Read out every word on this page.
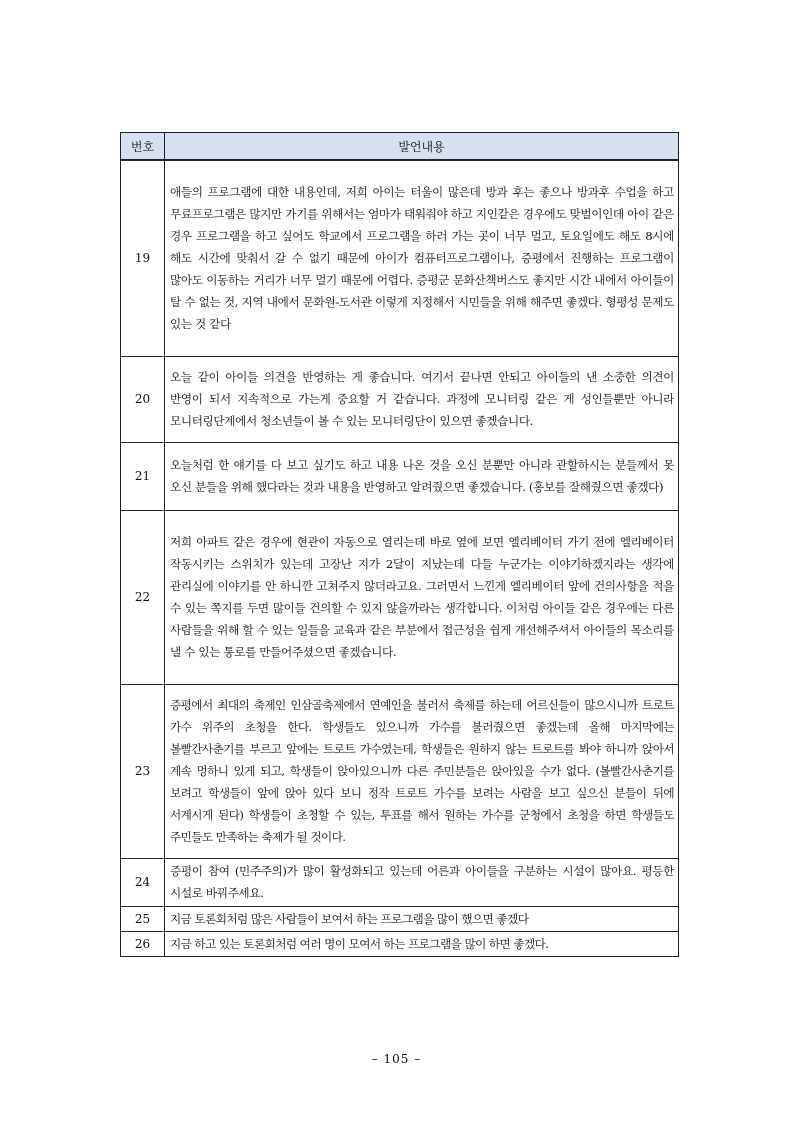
번호	발언내용
19	애들의 프로그램에 대한 내용인데, 저희 아이는 터울이 많은데 방과 후는 좋으나 방과후 수업을 하고 무료프로그램은 많지만 가기를 위해서는 엄마가 태워줘야 하고 지인같은 경우에도 맞벌이인데 아이 같은 경우 프로그램을 하고 싶어도 학교에서 프로그램을 하러 가는 곳이 너무 멀고, 토요일에도 해도 8시에 해도 시간에 맞춰서 갈 수 없기 때문에 아이가 컴퓨터프로그램이나, 증평에서 진행하는 프로그램이 많아도 이동하는 거리가 너무 멀기 때문에 어렵다. 증평군 문화산책버스도 좋지만 시간 내에서 아이들이 탈 수 없는 것, 지역 내에서 문화원-도서관 이렇게 지정해서 시민들을 위해 해주면 좋겠다. 형평성 문제도 있는 것 같다
20	오늘 같이 아이들 의견을 반영하는 게 좋습니다. 여기서 끝나면 안되고 아이들의 낸 소중한 의견이 반영이 되서 지속적으로 가는게 중요할 거 같습니다. 과정에 모니터링 같은 게 성인들뿐만 아니라 모니터링단계에서 청소년들이 볼 수 있는 모니터링단이 있으면 좋겠습니다.
21	오늘처럼 한 얘기를 다 보고 싶기도 하고 내용 나온 것을 오신 분뿐만 아니라 관할하시는 분들께서 못 오신 분들을 위해 했다라는 것과 내용을 반영하고 알려줬으면 좋겠습니다. (홍보를 잘해줬으면 좋겠다)
22	저희 아파트 같은 경우에 현관이 자동으로 열리는데 바로 옆에 보면 엘리베이터 가기 전에 엘리베이터 작동시키는 스위치가 있는데 고장난 지가 2달이 지났는데 다들 누군가는 이야기하겠지라는 생각에 관리실에 이야기를 안 하니깐 고쳐주지 않더라고요. 그러면서 느낀게 엘리베이터 앞에 건의사항을 적을 수 있는 쪽지를 두면 많이들 건의할 수 있지 않을까라는 생각합니다. 이처럼 아이들 같은 경우에는 다른 사람들을 위해 할 수 있는 일들을 교육과 같은 부분에서 접근성을 쉽게 개선해주셔서 아이들의 목소리를 낼 수 있는 통로를 만들어주셨으면 좋겠습니다.
23	증평에서 최대의 축제인 인삼골축제에서 연예인을 불러서 축제를 하는데 어르신들이 많으시니까 트로트 가수 위주의 초청을 한다. 학생들도 있으니까 가수를 불러줬으면 좋겠는데 올해 마지막에는 볼빨간사춘기를 부르고 앞에는 트로트 가수였는데, 학생들은 원하지 않는 트로트를 봐야 하니까 앉아서 계속 멍하니 있게 되고, 학생들이 앉아있으니까 다른 주민분들은 앉아있을 수가 없다. (볼빨간사춘기를 보려고 학생들이 앞에 앉아 있다 보니 정작 트로트 가수를 보려는 사람을 보고 싶으신 분들이 뒤에 서계시게 된다) 학생들이 초청할 수 있는, 투표를 해서 원하는 가수를 군청에서 초청을 하면 학생들도 주민들도 만족하는 축제가 될 것이다.
24	증평이 참여 (민주주의)가 많이 활성화되고 있는데 어른과 아이들을 구분하는 시설이 많아요. 평등한 시설로 바꿔주세요.
25	지금 토론회처럼 많은 사람들이 보여서 하는 프로그램을 많이 했으면 좋겠다
26	지금 하고 있는 토론회처럼 여러 명이 모여서 하는 프로그램을 많이 하면 좋겠다.
– 105 –
